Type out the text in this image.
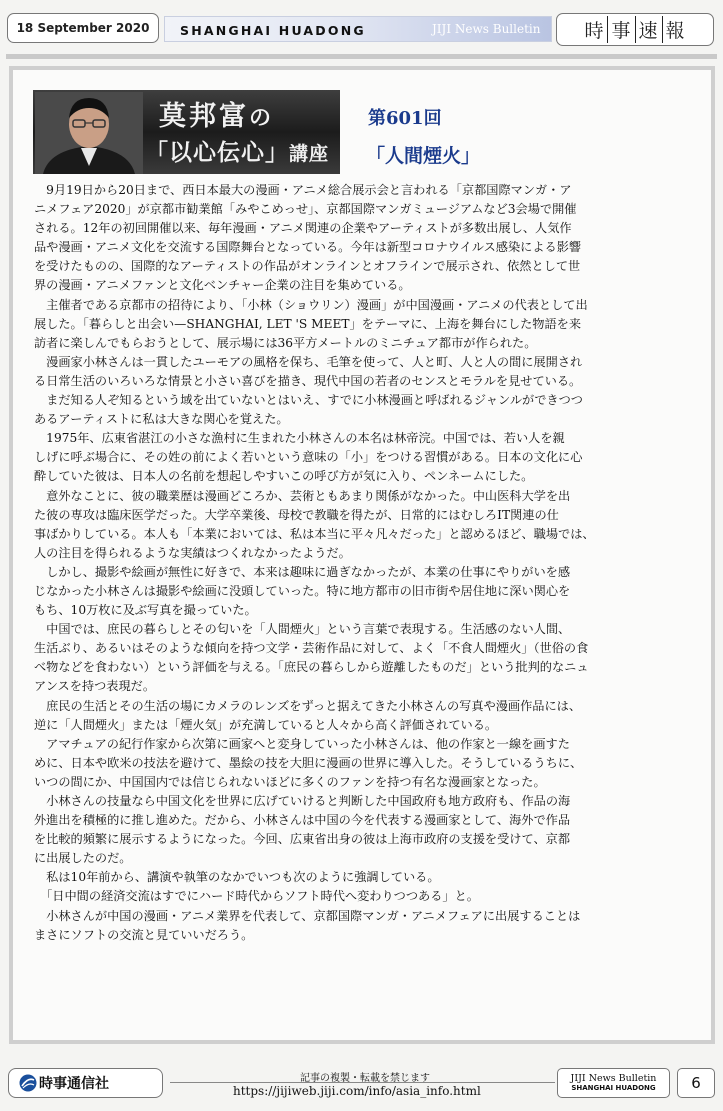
18 September 2020	SHANGHAI HUADONG	JIJI News Bulletin 時 事 速 報
莫邦富の
「以心伝心」講座
第601回
「人間煙火」
　9月19日から20日まで、西日本最大の漫画・アニメ総合展示会と言われる「京都国際マンガ・ア
ニメフェア2020」が京都市勧業館「みやこめっせ」、京都国際マンガミュージアムなど3会場で開催
される。12年の初回開催以来、毎年漫画・アニメ関連の企業やアーティストが多数出展し、人気作
品や漫画・アニメ文化を交流する国際舞台となっている。今年は新型コロナウイルス感染による影響
を受けたものの、国際的なアーティストの作品がオンラインとオフラインで展示され、依然として世
界の漫画・アニメファンと文化ベンチャー企業の注目を集めている。
　主催者である京都市の招待により、「小林（ショウリン）漫画」が中国漫画・アニメの代表として出
展した。「暮らしと出会い—SHANGHAI, LET 'S MEET」をテーマに、上海を舞台にした物語を来
訪者に楽しんでもらおうとして、展示場には36平方メートルのミニチュア都市が作られた。
　漫画家小林さんは一貫したユーモアの風格を保ち、毛筆を使って、人と町、人と人の間に展開され
る日常生活のいろいろな情景と小さい喜びを描き、現代中国の若者のセンスとモラルを見せている。
　まだ知る人ぞ知るという域を出ていないとはいえ、すでに小林漫画と呼ばれるジャンルができつつ
あるアーティストに私は大きな関心を覚えた。
　1975年、広東省湛江の小さな漁村に生まれた小林さんの本名は林帝浣。中国では、若い人を親
しげに呼ぶ場合に、その姓の前によく若いという意味の「小」をつける習慣がある。日本の文化に心
酔していた彼は、日本人の名前を想起しやすいこの呼び方が気に入り、ペンネームにした。
　意外なことに、彼の職業歴は漫画どころか、芸術ともあまり関係がなかった。中山医科大学を出
た彼の専攻は臨床医学だった。大学卒業後、母校で教職を得たが、日常的にはむしろIT関連の仕
事ばかりしている。本人も「本業においては、私は本当に平々凡々だった」と認めるほど、職場では、
人の注目を得られるような実績はつくれなかったようだ。
　しかし、撮影や絵画が無性に好きで、本来は趣味に過ぎなかったが、本業の仕事にやりがいを感
じなかった小林さんは撮影や絵画に没頭していった。特に地方都市の旧市街や居住地に深い関心を
もち、10万枚に及ぶ写真を撮っていた。
　中国では、庶民の暮らしとその匂いを「人間煙火」という言葉で表現する。生活感のない人間、
生活ぶり、あるいはそのような傾向を持つ文学・芸術作品に対して、よく「不食人間煙火」（世俗の食
べ物などを食わない）という評価を与える。「庶民の暮らしから遊離したものだ」という批判的なニュ
アンスを持つ表現だ。
　庶民の生活とその生活の場にカメラのレンズをずっと据えてきた小林さんの写真や漫画作品には、
逆に「人間煙火」または「煙火気」が充満していると人々から高く評価されている。
　アマチュアの紀行作家から次第に画家へと変身していった小林さんは、他の作家と一線を画すた
めに、日本や欧米の技法を避けて、墨絵の技を大胆に漫画の世界に導入した。そうしているうちに、
いつの間にか、中国国内では信じられないほどに多くのファンを持つ有名な漫画家となった。
　小林さんの技量なら中国文化を世界に広げていけると判断した中国政府も地方政府も、作品の海
外進出を積極的に推し進めた。だから、小林さんは中国の今を代表する漫画家として、海外で作品
を比較的頻繁に展示するようになった。今回、広東省出身の彼は上海市政府の支援を受けて、京都
に出展したのだ。
　私は10年前から、講演や執筆のなかでいつも次のように強調している。
　「日中間の経済交流はすでにハード時代からソフト時代へ変わりつつある」と。
　小林さんが中国の漫画・アニメ業界を代表して、京都国際マンガ・アニメフェアに出展することは
まさにソフトの交流と見ていいだろう。
時事通信社	記事の複製・転載を禁じます
https://jijiweb.jiji.com/info/asia_info.html
JIJI News Bulletin
SHANGHAI HUADONG	6
